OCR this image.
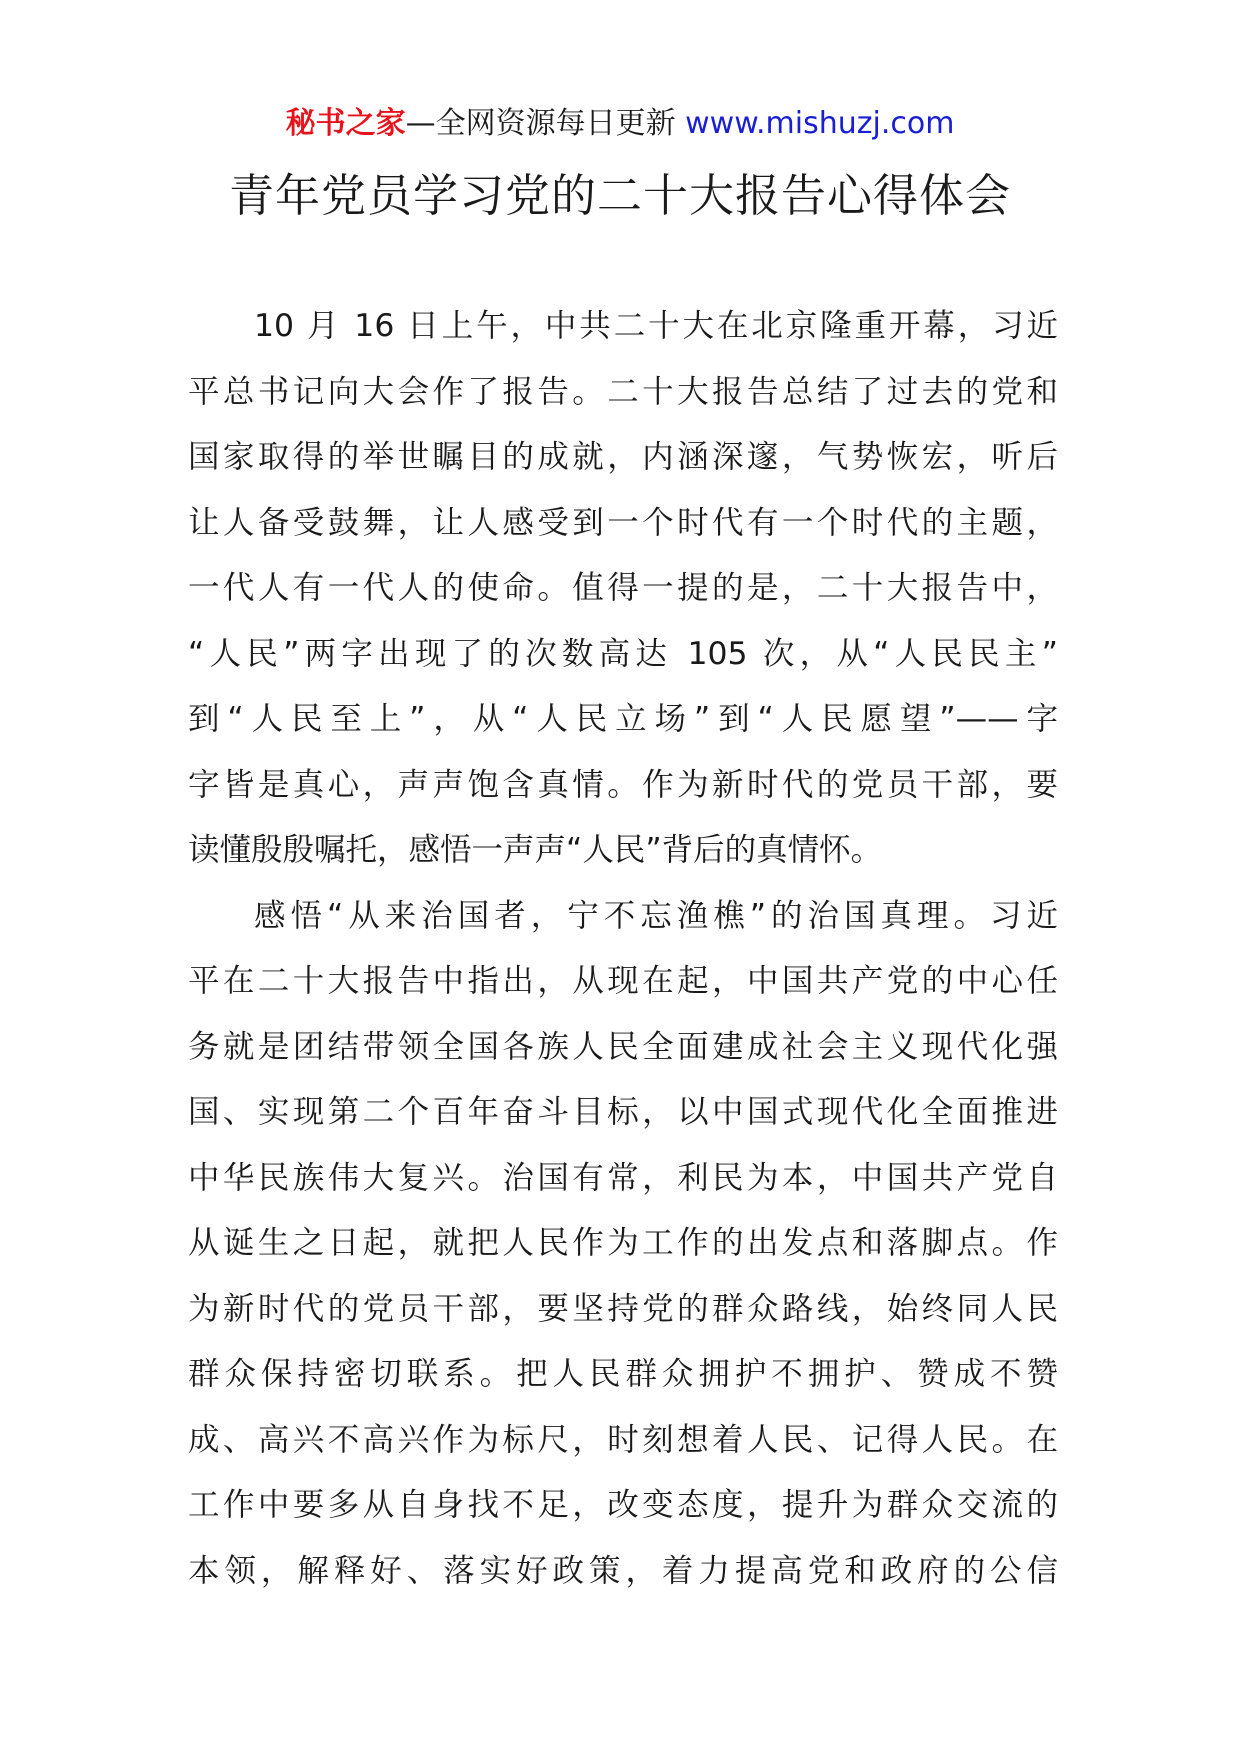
秘书之家—全网资源每日更新 www.mishuzj.com
青年党员学习党的二十大报告心得体会
10 月 16 日上午，中共二十大在北京隆重开幕，习近
平总书记向大会作了报告。二十大报告总结了过去的党和
国家取得的举世瞩目的成就，内涵深邃，气势恢宏，听后
让人备受鼓舞，让人感受到一个时代有一个时代的主题，
一代人有一代人的使命。值得一提的是，二十大报告中，
“人民”两字出现了的次数高达 105 次，从“人民民主”
到“人民至上”，从“人民立场”到“人民愿望”——字
字皆是真心，声声饱含真情。作为新时代的党员干部，要
读懂殷殷嘱托，感悟一声声“人民”背后的真情怀。
感悟“从来治国者，宁不忘渔樵”的治国真理。习近
平在二十大报告中指出，从现在起，中国共产党的中心任
务就是团结带领全国各族人民全面建成社会主义现代化强
国、实现第二个百年奋斗目标，以中国式现代化全面推进
中华民族伟大复兴。治国有常，利民为本，中国共产党自
从诞生之日起，就把人民作为工作的出发点和落脚点。作
为新时代的党员干部，要坚持党的群众路线，始终同人民
群众保持密切联系。把人民群众拥护不拥护、赞成不赞
成、高兴不高兴作为标尺，时刻想着人民、记得人民。在
工作中要多从自身找不足，改变态度，提升为群众交流的
本领，解释好、落实好政策，着力提高党和政府的公信
